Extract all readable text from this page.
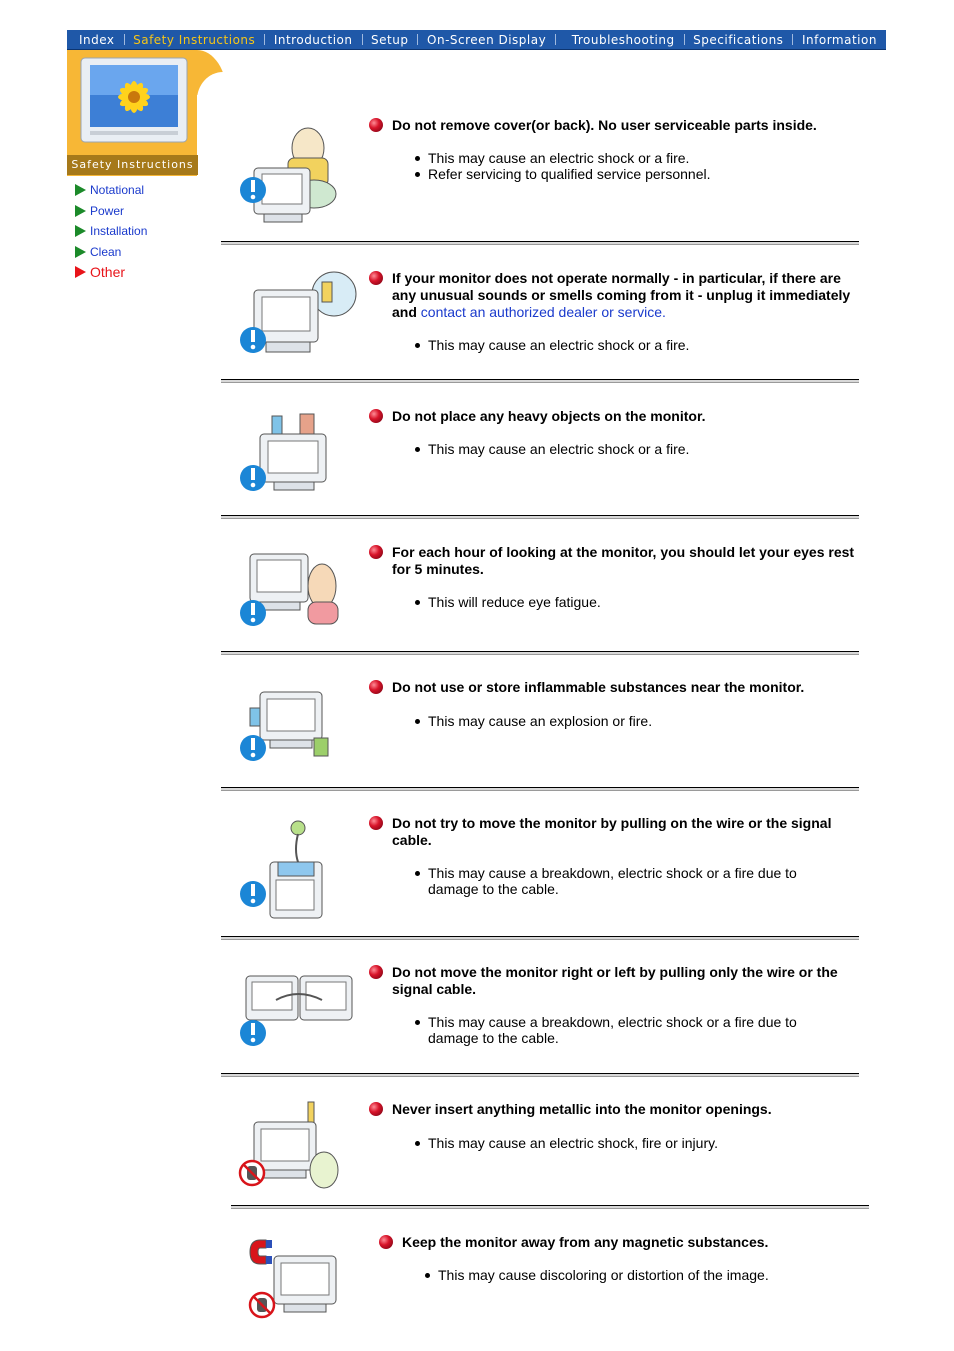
Index	Safety Instructions	Introduction	Setup	On-Screen Display	Troubleshooting	Specifications	Information
Safety Instructions
Notational
Power
Installation
Clean
Other
Do not remove cover(or back). No user serviceable parts inside.
This may cause an electric shock or a fire.
Refer servicing to qualified service personnel.
If your monitor does not operate normally - in particular, if there are any unusual sounds or smells coming from it - unplug it immediately and contact an authorized dealer or service.
This may cause an electric shock or a fire.
Do not place any heavy objects on the monitor.
This may cause an electric shock or a fire.
For each hour of looking at the monitor, you should let your eyes rest for 5 minutes.
This will reduce eye fatigue.
Do not use or store inflammable substances near the monitor.
This may cause an explosion or fire.
Do not try to move the monitor by pulling on the wire or the signal cable.
This may cause a breakdown, electric shock or a fire due to damage to the cable.
Do not move the monitor right or left by pulling only the wire or the signal cable.
This may cause a breakdown, electric shock or a fire due to damage to the cable.
Never insert anything metallic into the monitor openings.
This may cause an electric shock, fire or injury.
Keep the monitor away from any magnetic substances.
This may cause discoloring or distortion of the image.
